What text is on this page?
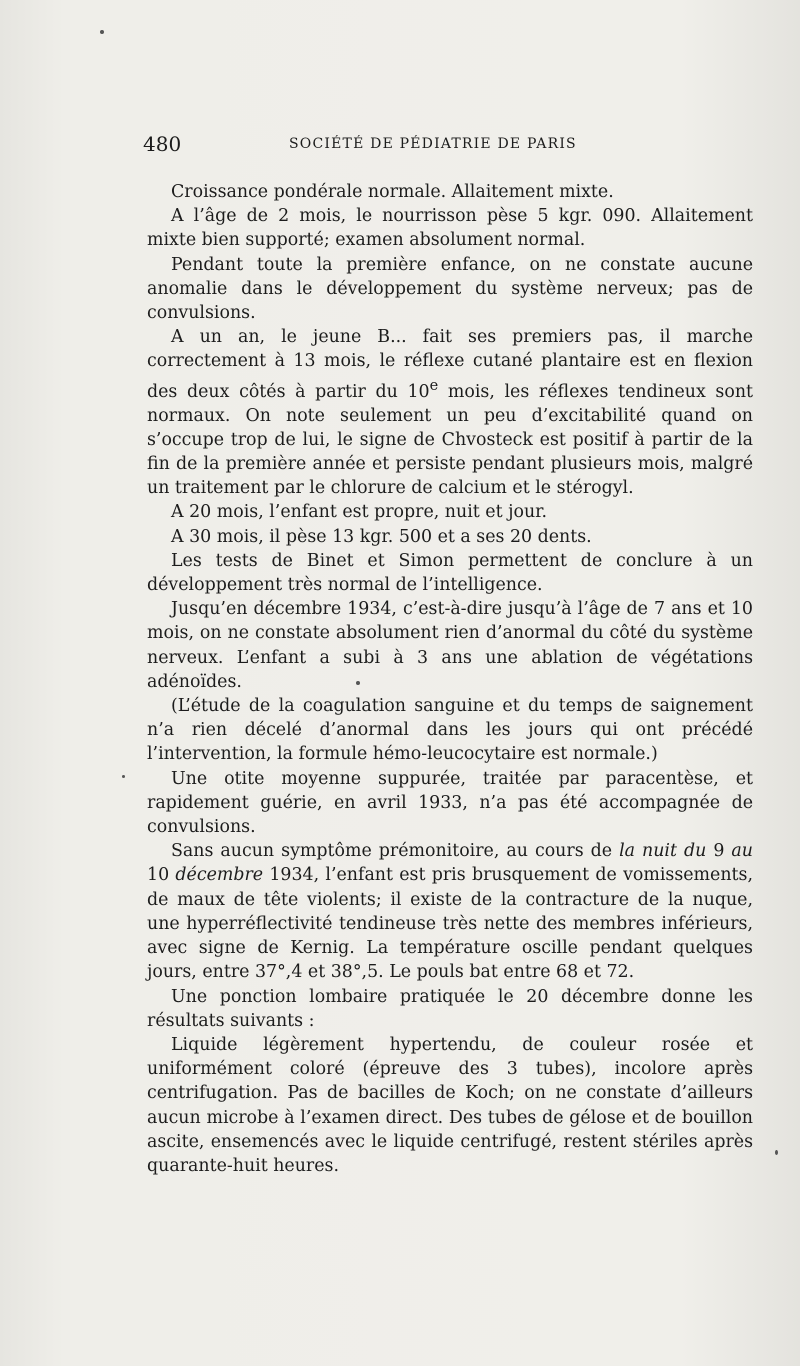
480	SOCIÉTÉ DE PÉDIATRIE DE PARIS

Croissance pondérale normale. Allaitement mixte.

A l’âge de 2 mois, le nourrisson pèse 5 kgr. 090. Allaitement mixte bien supporté; examen absolument normal.

Pendant toute la première enfance, on ne constate aucune anomalie dans le développement du système nerveux; pas de convulsions.

A un an, le jeune B... fait ses premiers pas, il marche correctement à 13 mois, le réflexe cutané plantaire est en flexion des deux côtés à partir du 10e mois, les réflexes tendineux sont normaux. On note seulement un peu d’excitabilité quand on s’occupe trop de lui, le signe de Chvosteck est positif à partir de la fin de la première année et persiste pendant plusieurs mois, malgré un traitement par le chlorure de calcium et le stérogyl.

A 20 mois, l’enfant est propre, nuit et jour.

A 30 mois, il pèse 13 kgr. 500 et a ses 20 dents.

Les tests de Binet et Simon permettent de conclure à un développement très normal de l’intelligence.

Jusqu’en décembre 1934, c’est-à-dire jusqu’à l’âge de 7 ans et 10 mois, on ne constate absolument rien d’anormal du côté du système nerveux. L’enfant a subi à 3 ans une ablation de végétations adénoïdes.

(L’étude de la coagulation sanguine et du temps de saignement n’a rien décelé d’anormal dans les jours qui ont précédé l’intervention, la formule hémo-leucocytaire est normale.)

Une otite moyenne suppurée, traitée par paracentèse, et rapidement guérie, en avril 1933, n’a pas été accompagnée de convulsions.

Sans aucun symptôme prémonitoire, au cours de la nuit du 9 au 10 décembre 1934, l’enfant est pris brusquement de vomissements, de maux de tête violents; il existe de la contracture de la nuque, une hyperréflectivité tendineuse très nette des membres inférieurs, avec signe de Kernig. La température oscille pendant quelques jours, entre 37°,4 et 38°,5. Le pouls bat entre 68 et 72.

Une ponction lombaire pratiquée le 20 décembre donne les résultats suivants :

Liquide légèrement hypertendu, de couleur rosée et uniformément coloré (épreuve des 3 tubes), incolore après centrifugation. Pas de bacilles de Koch; on ne constate d’ailleurs aucun microbe à l’examen direct. Des tubes de gélose et de bouillon ascite, ensemencés avec le liquide centrifugé, restent stériles après quarante-huit heures.
